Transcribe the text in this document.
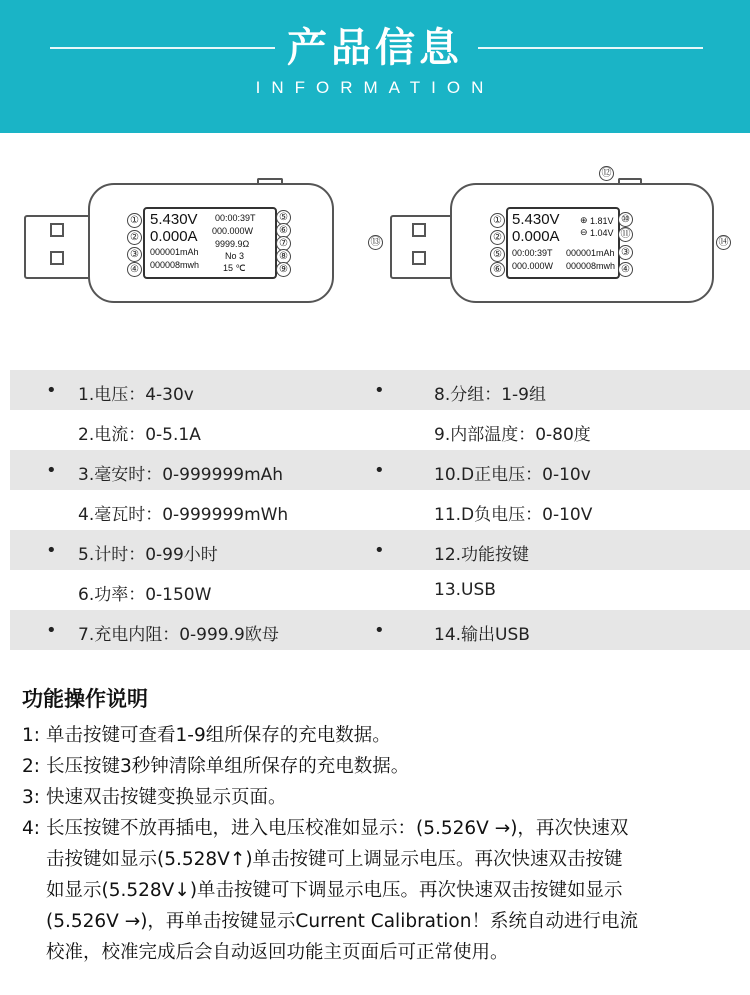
产品信息
INFORMATION
5.430V
0.000A
000001mAh
000008mwh
00:00:39T
000.000W
9999.9Ω
No 3
15 ℃
①
②
③
④
⑤
⑥
⑦
⑧
⑨
5.430V
0.000A
00:00:39T
000.000W
⊕ 1.81V
⊖ 1.04V
000001mAh
000008mwh
①
②
⑤
⑥
⑩
⑪
③
④
⑫
⑬	⑭
•	•
1.电压：4-30v	8.分组：1-9组
2.电流：0-5.1A	9.内部温度：0-80度
•	•
3.毫安时：0-999999mAh	10.D正电压：0-10v
4.毫瓦时：0-999999mWh	11.D负电压：0-10V
•	•
5.计时：0-99小时	12.功能按键
6.功率：0-150W	13.USB
•	•
7.充电内阻：0-999.9欧母	14.输出USB
功能操作说明
1: 单击按键可查看1-9组所保存的充电数据。
2: 长压按键3秒钟清除单组所保存的充电数据。
3: 快速双击按键变换显示页面。
4: 长压按键不放再插电，进入电压校准如显示：(5.526V →)，再次快速双
击按键如显示(5.528V↑)单击按键可上调显示电压。再次快速双击按键
如显示(5.528V↓)单击按键可下调显示电压。再次快速双击按键如显示
(5.526V →)，再单击按键显示Current Calibration！系统自动进行电流
校准，校准完成后会自动返回功能主页面后可正常使用。
